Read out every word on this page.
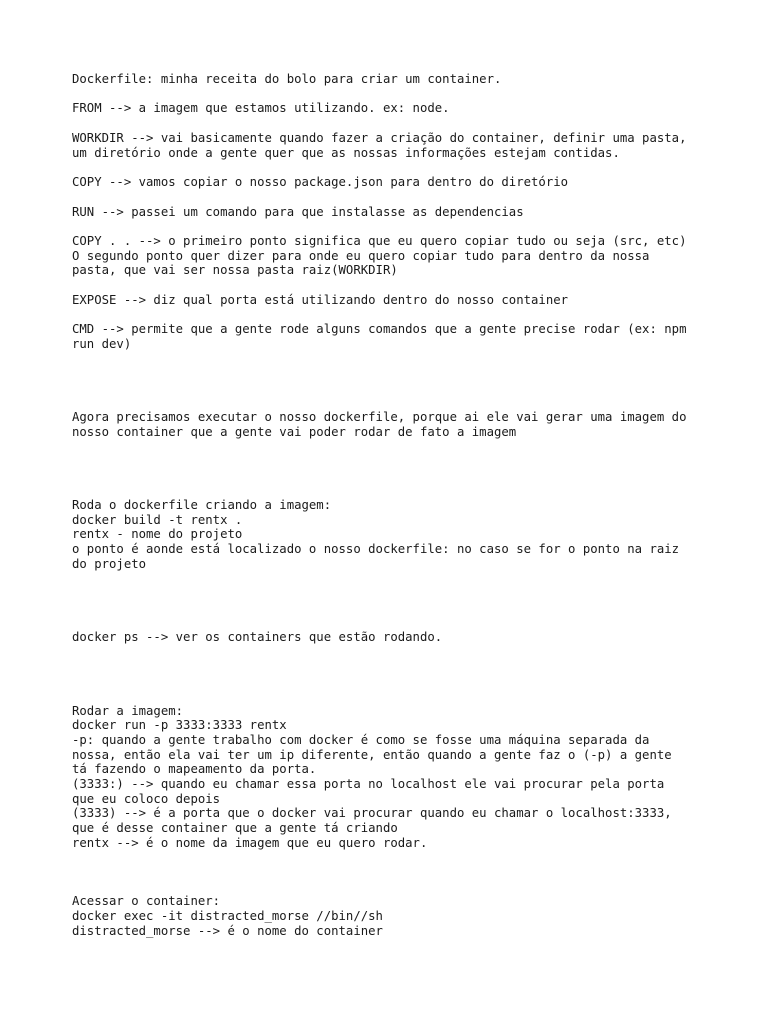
Dockerfile: minha receita do bolo para criar um container.
FROM --> a imagem que estamos utilizando. ex: node.
WORKDIR --> vai basicamente quando fazer a criação do container, definir uma pasta,
um diretório onde a gente quer que as nossas informações estejam contidas.
COPY --> vamos copiar o nosso package.json para dentro do diretório
RUN --> passei um comando para que instalasse as dependencias
COPY . . --> o primeiro ponto significa que eu quero copiar tudo ou seja (src, etc)
O segundo ponto quer dizer para onde eu quero copiar tudo para dentro da nossa
pasta, que vai ser nossa pasta raiz(WORKDIR)
EXPOSE --> diz qual porta está utilizando dentro do nosso container
CMD --> permite que a gente rode alguns comandos que a gente precise rodar (ex: npm
run dev)
Agora precisamos executar o nosso dockerfile, porque ai ele vai gerar uma imagem do
nosso container que a gente vai poder rodar de fato a imagem
Roda o dockerfile criando a imagem:
docker build -t rentx .
rentx - nome do projeto
o ponto é aonde está localizado o nosso dockerfile: no caso se for o ponto na raiz
do projeto
docker ps --> ver os containers que estão rodando.
Rodar a imagem:
docker run -p 3333:3333 rentx
-p: quando a gente trabalho com docker é como se fosse uma máquina separada da
nossa, então ela vai ter um ip diferente, então quando a gente faz o (-p) a gente
tá fazendo o mapeamento da porta.
(3333:) --> quando eu chamar essa porta no localhost ele vai procurar pela porta
que eu coloco depois
(3333) --> é a porta que o docker vai procurar quando eu chamar o localhost:3333,
que é desse container que a gente tá criando
rentx --> é o nome da imagem que eu quero rodar.
Acessar o container:
docker exec -it distracted_morse //bin//sh
distracted_morse --> é o nome do container
